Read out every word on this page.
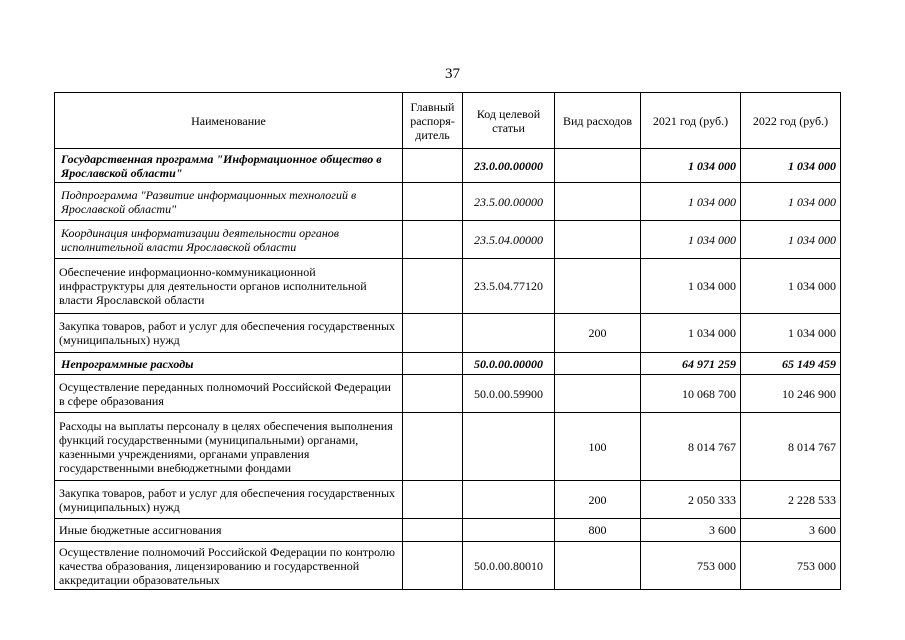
37
Наименование	Главный распоря-дитель	Код целевой статьи	Вид расходов	2021 год (руб.)	2022 год (руб.)
Государственная программа "Информационное общество в Ярославской области"		23.0.00.00000		1 034 000	1 034 000
Подпрограмма "Развитие информационных технологий в Ярославской области"		23.5.00.00000		1 034 000	1 034 000
Координация информатизации деятельности органов исполнительной власти Ярославской области		23.5.04.00000		1 034 000	1 034 000
Обеспечение информационно-коммуникационной инфраструктуры для деятельности органов исполнительной власти Ярославской области		23.5.04.77120		1 034 000	1 034 000
Закупка товаров, работ и услуг для обеспечения государственных (муниципальных) нужд			200	1 034 000	1 034 000
Непрограммные расходы		50.0.00.00000		64 971 259	65 149 459
Осуществление переданных полномочий Российской Федерации в сфере образования		50.0.00.59900		10 068 700	10 246 900
Расходы на выплаты персоналу в целях обеспечения выполнения функций государственными (муниципальными) органами, казенными учреждениями, органами управления государственными внебюджетными фондами			100	8 014 767	8 014 767
Закупка товаров, работ и услуг для обеспечения государственных (муниципальных) нужд			200	2 050 333	2 228 533
Иные бюджетные ассигнования			800	3 600	3 600
Осуществление полномочий Российской Федерации по контролю качества образования, лицензированию и государственной аккредитации образовательных		50.0.00.80010		753 000	753 000
